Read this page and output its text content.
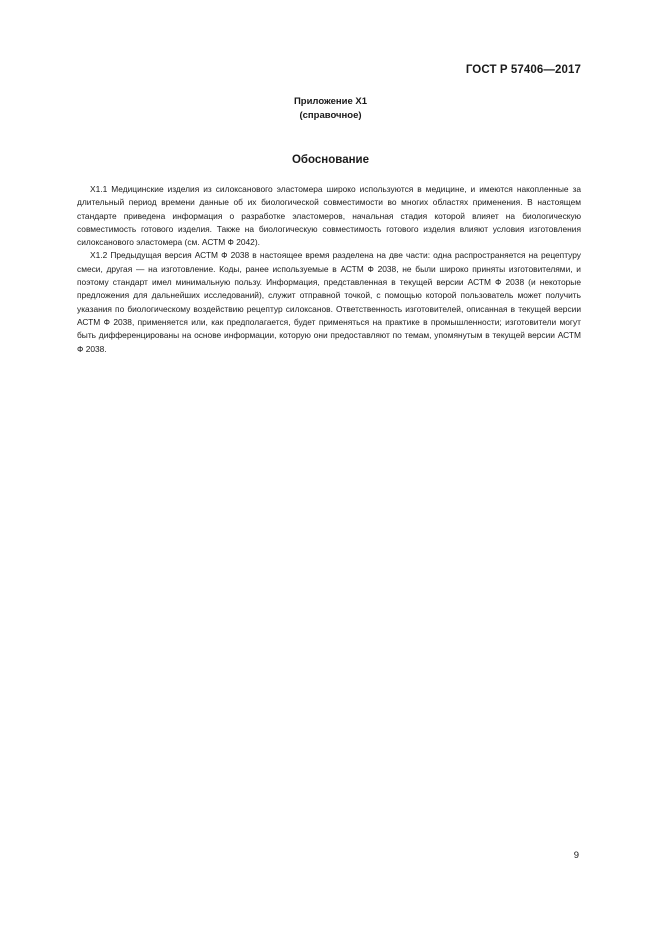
ГОСТ Р 57406—2017
Приложение X1
(справочное)
Обоснование

X1.1 Медицинские изделия из силоксанового эластомера широко используются в медицине, и имеются накопленные за длительный период времени данные об их биологической совместимости во многих областях применения. В настоящем стандарте приведена информация о разработке эластомеров, начальная стадия которой влияет на биологическую совместимость готового изделия. Также на биологическую совместимость готового изделия влияют условия изготовления силоксанового эластомера (см. АСТМ Ф 2042).

X1.2 Предыдущая версия АСТМ Ф 2038 в настоящее время разделена на две части: одна распространяется на рецептуру смеси, другая — на изготовление. Коды, ранее используемые в АСТМ Ф 2038, не были широко приняты изготовителями, и поэтому стандарт имел минимальную пользу. Информация, представленная в текущей версии АСТМ Ф 2038 (и некоторые предложения для дальнейших исследований), служит отправной точкой, с помощью которой пользователь может получить указания по биологическому воздействию рецептур силоксанов. Ответственность изготовителей, описанная в текущей версии АСТМ Ф 2038, применяется или, как предполагается, будет применяться на практике в промышленности; изготовители могут быть дифференцированы на основе информации, которую они предоставляют по темам, упомянутым в текущей версии АСТМ Ф 2038.

9
